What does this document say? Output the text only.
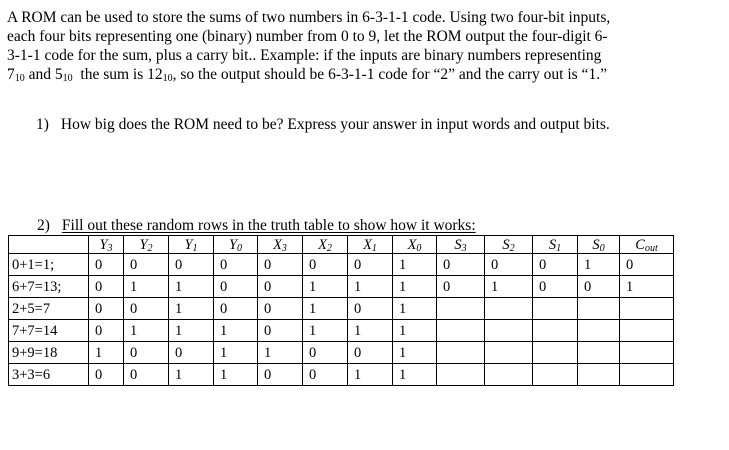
A ROM can be used to store the sums of two numbers in 6-3-1-1 code. Using two four-bit inputs,
each four bits representing one (binary) number from 0 to 9, let the ROM output the four-digit 6-
3-1-1 code for the sum, plus a carry bit.. Example: if the inputs are binary numbers representing
$7_{10}$ and $5_{10}$  the sum is $12_{10}$, so the output should be 6-3-1-1 code for “2” and the carry out is “1.”
1) How big does the ROM need to be? Express your answer in input words and output bits.
2) Fill out these random rows in the truth table to show how it works:
	$Y_3$	$Y_2$	$Y_1$	$Y_0$	$X_3$	$X_2$	$X_1$	$X_0$	$S_3$	$S_2$	$S_1$	$S_0$	$C_{out}$
0+1=1;	0	0	0	0	0	0	0	1	0	0	0	1	0
6+7=13;	0	1	1	0	0	1	1	1	0	1	0	0	1
2+5=7	0	0	1	0	0	1	0	1					
7+7=14	0	1	1	1	0	1	1	1					
9+9=18	1	0	0	1	1	0	0	1					
3+3=6	0	0	1	1	0	0	1	1					
